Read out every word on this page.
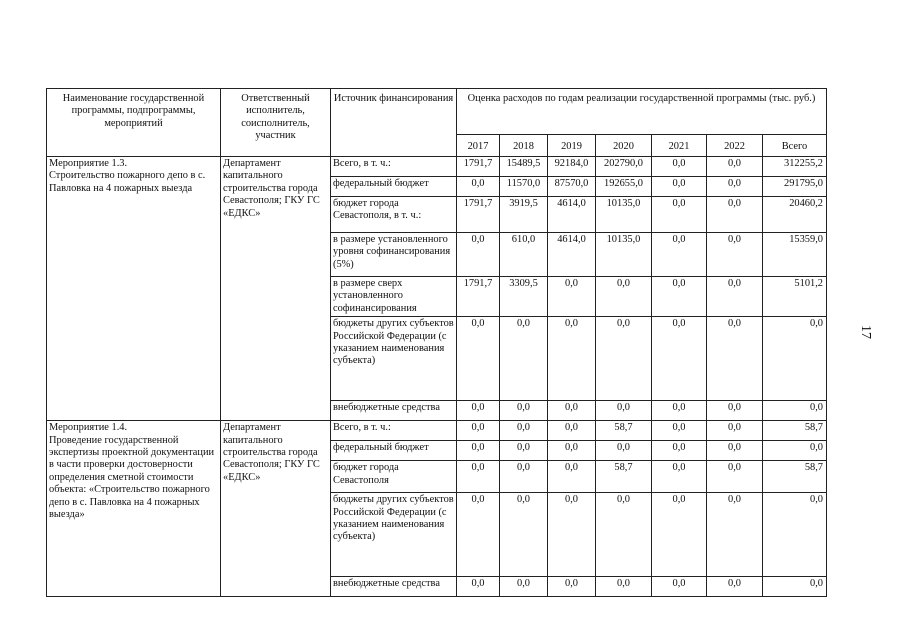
Наименование государственной программы, подпрограммы, мероприятий	Ответственный исполнитель, соисполнитель, участник	Источник финансирования	Оценка расходов по годам реализации государственной программы (тыс. руб.)						
			2017	2018	2019	2020	2021	2022	Всего
Мероприятие 1.3.
Строительство пожарного депо в с. Павловка на 4 пожарных выезда	Департамент капитального строительства города Севастополя; ГКУ ГС «ЕДКС»	Всего, в т. ч.:	1791,7	15489,5	92184,0	202790,0	0,0	0,0	312255,2
		федеральный бюджет	0,0	11570,0	87570,0	192655,0	0,0	0,0	291795,0
		бюджет города Севастополя, в т. ч.:	1791,7	3919,5	4614,0	10135,0	0,0	0,0	20460,2
		в размере установленного уровня софинансирования (5%)	0,0	610,0	4614,0	10135,0	0,0	0,0	15359,0
		в размере сверх установленного софинансирования	1791,7	3309,5	0,0	0,0	0,0	0,0	5101,2
		бюджеты других субъектов Российской Федерации (с указанием наименования субъекта)	0,0	0,0	0,0	0,0	0,0	0,0	0,0
		внебюджетные средства	0,0	0,0	0,0	0,0	0,0	0,0	0,0
Мероприятие 1.4.
Проведение государственной экспертизы проектной документации в части проверки достоверности определения сметной стоимости объекта: «Строительство пожарного депо в с. Павловка на 4 пожарных выезда»	Департамент капитального строительства города Севастополя; ГКУ ГС «ЕДКС»	Всего, в т. ч.:	0,0	0,0	0,0	58,7	0,0	0,0	58,7
		федеральный бюджет	0,0	0,0	0,0	0,0	0,0	0,0	0,0
		бюджет города Севастополя	0,0	0,0	0,0	58,7	0,0	0,0	58,7
		бюджеты других субъектов Российской Федерации (с указанием наименования субъекта)	0,0	0,0	0,0	0,0	0,0	0,0	0,0
		внебюджетные средства	0,0	0,0	0,0	0,0	0,0	0,0	0,0
17
